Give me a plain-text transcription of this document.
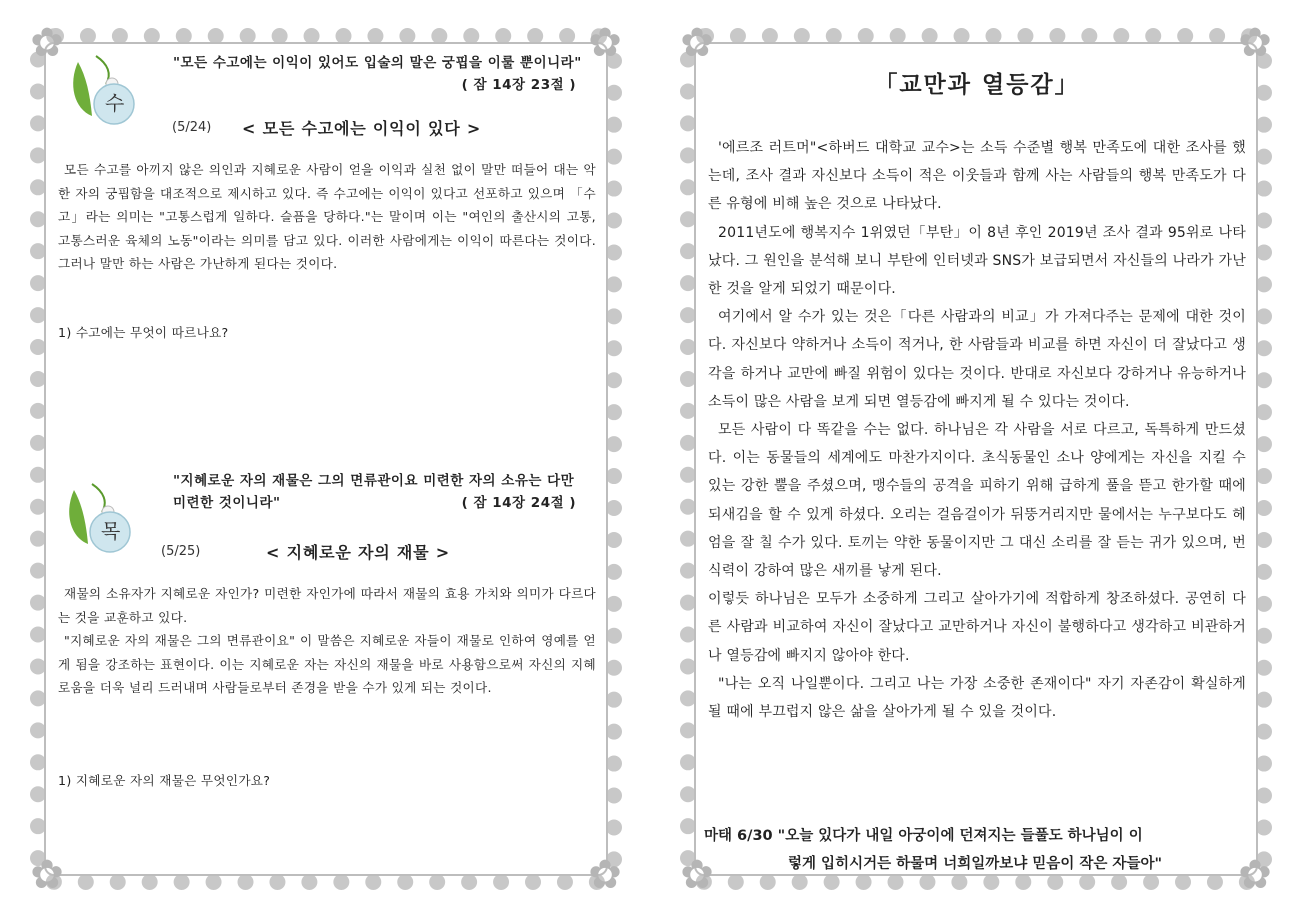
✿	✿
✿	✿
수
"모든 수고에는 이익이 있어도 입술의 말은 궁핍을 이룰 뿐이니라"
( 잠 14장 23절 )
(5/24) < 모든 수고에는 이익이 있다 >

모든 수고를 아끼지 않은 의인과 지혜로운 사람이 얻을 이익과 실천 없이 말만 떠들어 대는 악한 자의 궁핍함을 대조적으로 제시하고 있다. 즉 수고에는 이익이 있다고 선포하고 있으며 「수고」라는 의미는 "고통스럽게 일하다. 슬픔을 당하다."는 말이며 이는 "여인의 출산시의 고통, 고통스러운 육체의 노동"이라는 의미를 담고 있다. 이러한 사람에게는 이익이 따른다는 것이다. 그러나 말만 하는 사람은 가난하게 된다는 것이다.

1) 수고에는 무엇이 따르나요?
목
"지혜로운 자의 재물은 그의 면류관이요 미련한 자의 소유는 다만 미련한 것이니라"	( 잠 14장 24절 )
(5/25)	< 지혜로운 자의 재물 >

재물의 소유자가 지혜로운 자인가? 미련한 자인가에 따라서 재물의 효용 가치와 의미가 다르다는 것을 교훈하고 있다.

"지혜로운 자의 재물은 그의 면류관이요" 이 말씀은 지혜로운 자들이 재물로 인하여 영예를 얻게 됨을 강조하는 표현이다. 이는 지혜로운 자는 자신의 재물을 바로 사용함으로써 자신의 지혜로움을 더욱 널리 드러내며 사람들로부터 존경을 받을 수가 있게 되는 것이다.

1) 지혜로운 자의 재물은 무엇인가요?
✿	✿
✿	✿
「교만과 열등감」

'에르조 러트머"<하버드 대학교 교수>는 소득 수준별 행복 만족도에 대한 조사를 했는데, 조사 결과 자신보다 소득이 적은 이웃들과 함께 사는 사람들의 행복 만족도가 다른 유형에 비해 높은 것으로 나타났다.

2011년도에 행복지수 1위였던「부탄」이 8년 후인 2019년 조사 결과 95위로 나타났다. 그 원인을 분석해 보니 부탄에 인터넷과 SNS가 보급되면서 자신들의 나라가 가난한 것을 알게 되었기 때문이다.

여기에서 알 수가 있는 것은「다른 사람과의 비교」가 가져다주는 문제에 대한 것이다. 자신보다 약하거나 소득이 적거나, 한 사람들과 비교를 하면 자신이 더 잘났다고 생각을 하거나 교만에 빠질 위험이 있다는 것이다. 반대로 자신보다 강하거나 유능하거나 소득이 많은 사람을 보게 되면 열등감에 빠지게 될 수 있다는 것이다.

모든 사람이 다 똑같을 수는 없다. 하나님은 각 사람을 서로 다르고, 독특하게 만드셨다. 이는 동물들의 세계에도 마찬가지이다. 초식동물인 소나 양에게는 자신을 지킬 수 있는 강한 뿔을 주셨으며, 맹수들의 공격을 피하기 위해 급하게 풀을 뜯고 한가할 때에 되새김을 할 수 있게 하셨다. 오리는 걸음걸이가 뒤뚱거리지만 물에서는 누구보다도 헤엄을 잘 칠 수가 있다. 토끼는 약한 동물이지만 그 대신 소리를 잘 듣는 귀가 있으며, 번식력이 강하여 많은 새끼를 낳게 된다.

이렇듯 하나님은 모두가 소중하게 그리고 살아가기에 적합하게 창조하셨다. 공연히 다른 사람과 비교하여 자신이 잘났다고 교만하거나 자신이 불행하다고 생각하고 비관하거나 열등감에 빠지지 않아야 한다.

"나는 오직 나일뿐이다. 그리고 나는 가장 소중한 존재이다" 자기 자존감이 확실하게 될 때에 부끄럽지 않은 삶을 살아가게 될 수 있을 것이다.

마태 6/30 "오늘 있다가 내일 아궁이에 던져지는 들풀도 하나님이 이
렇게 입히시거든 하물며 너희일까보냐 믿음이 작은 자들아"
